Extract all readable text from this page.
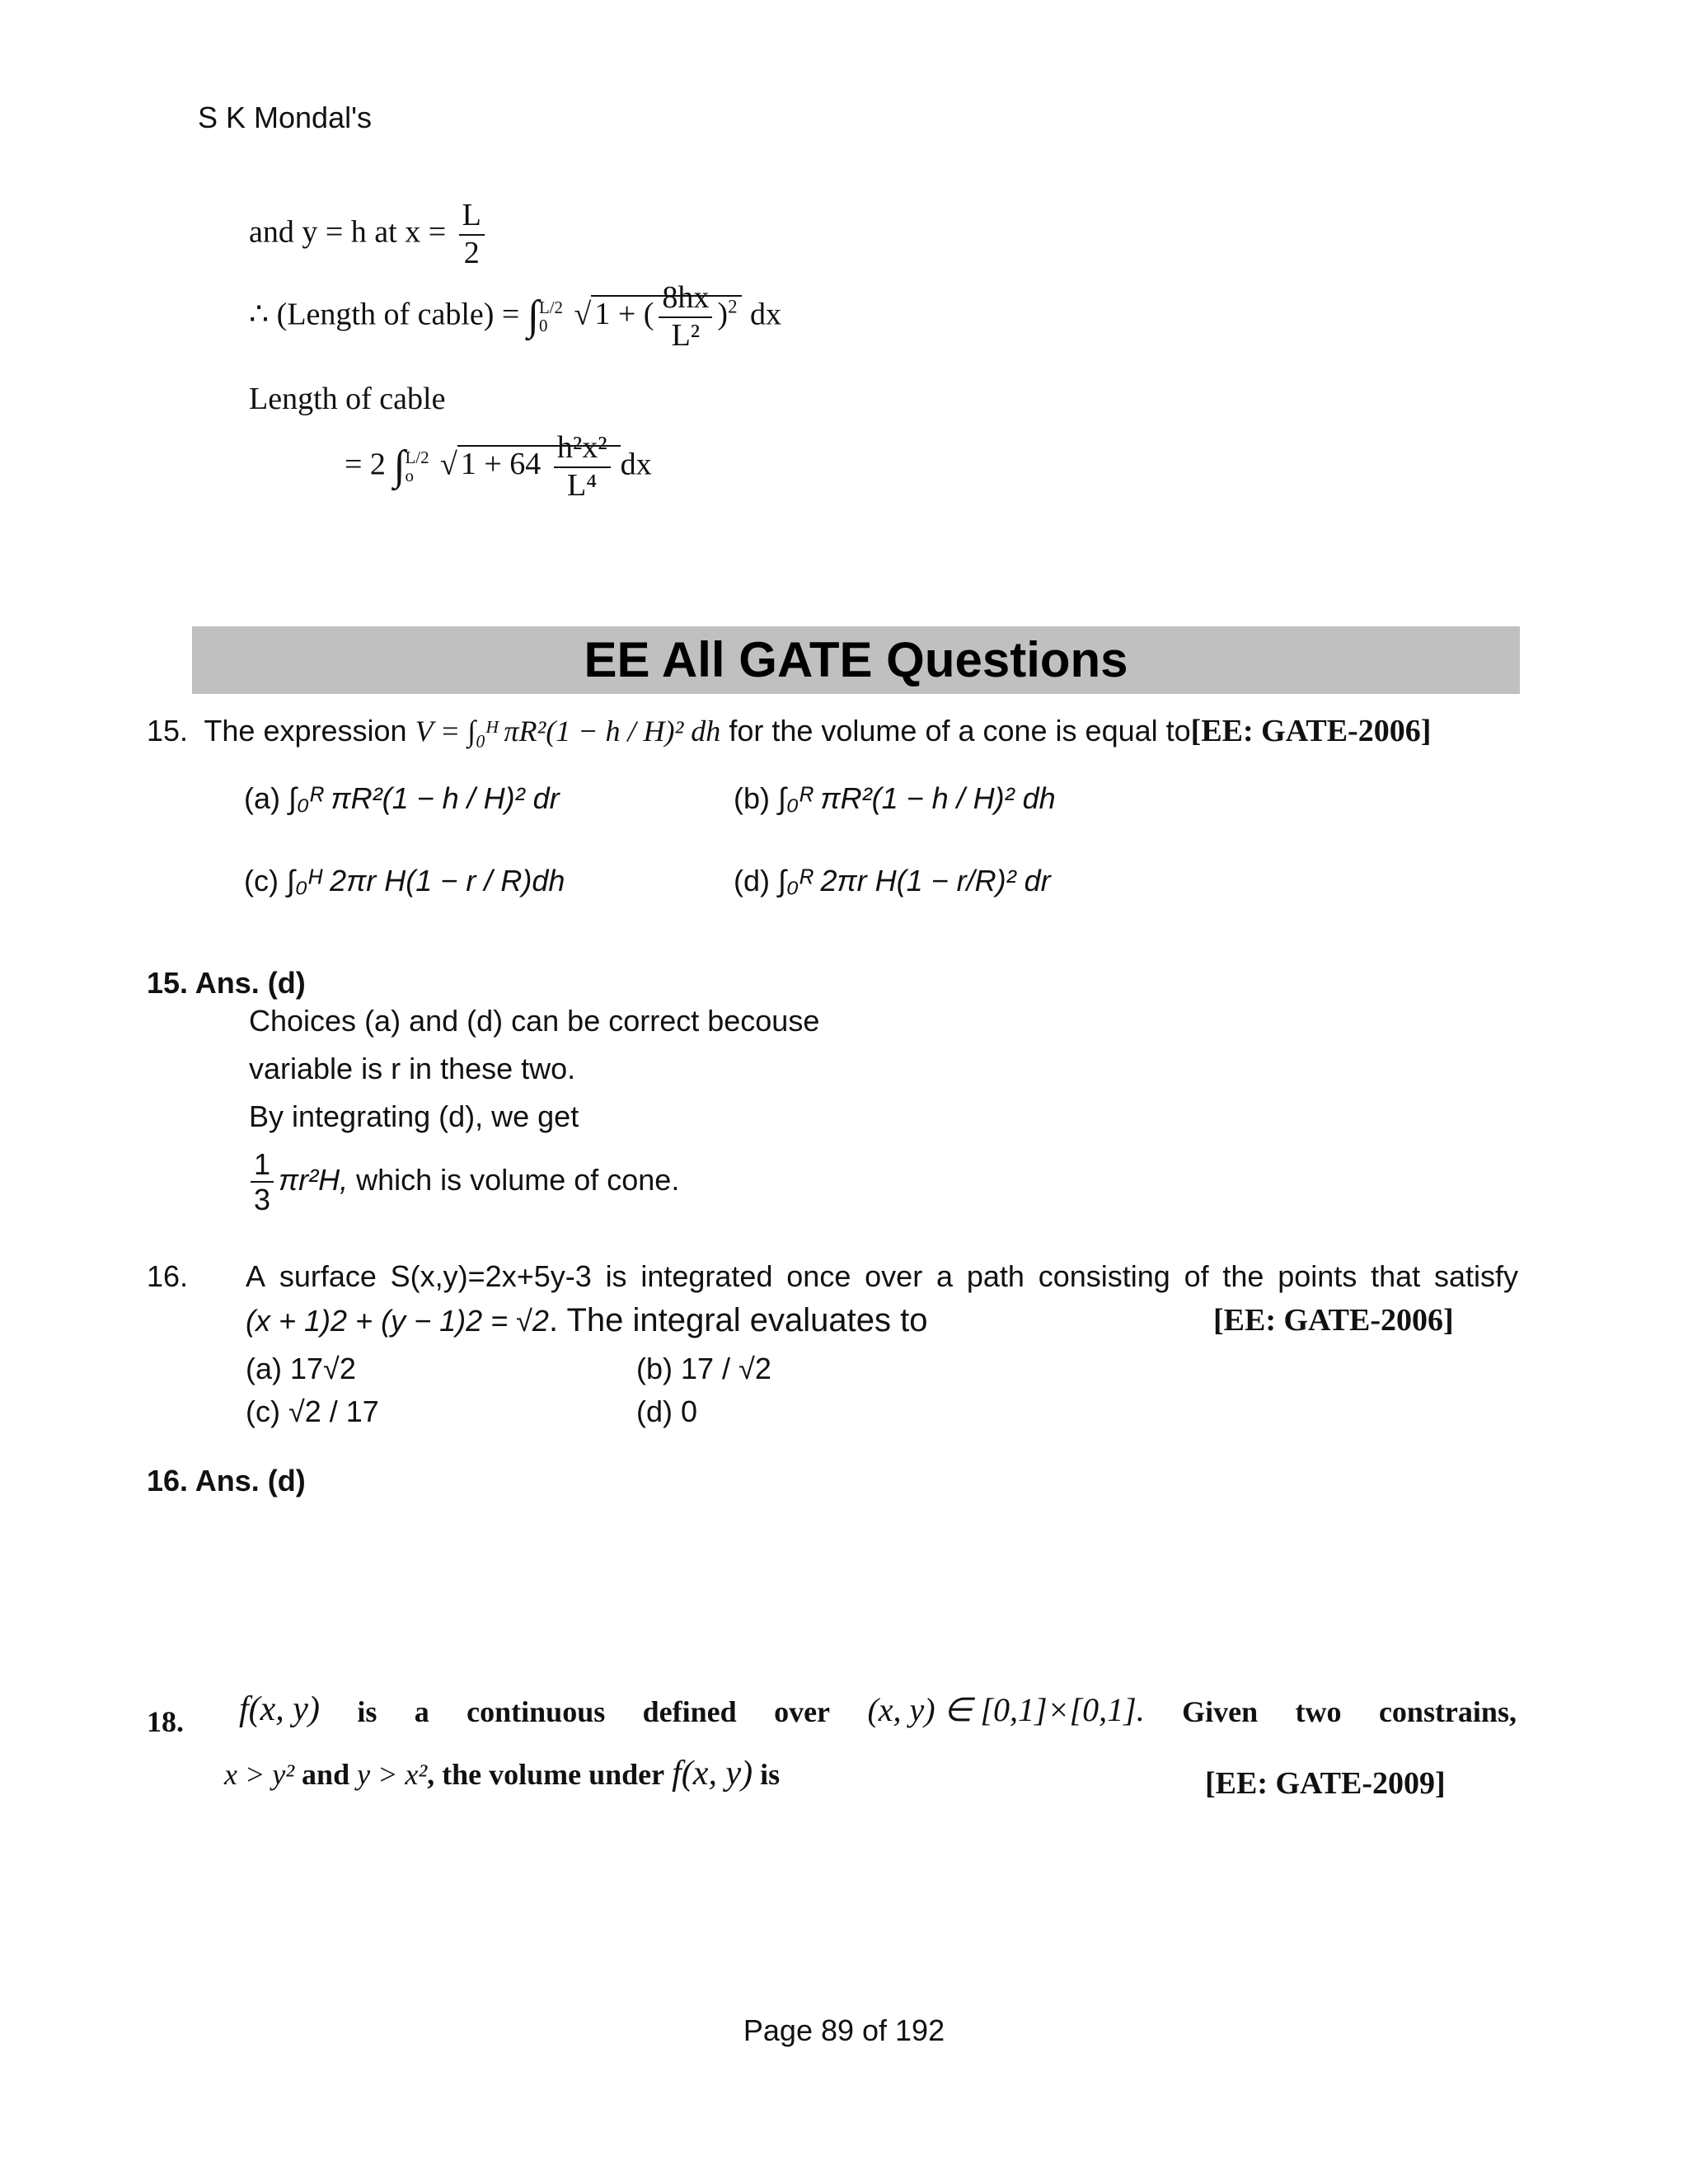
S K Mondal's
and y = h at $x = \frac{L}{2}$
∴ (Length of cable) = ∫L/2
0 √ 1 + ( $\frac{8hx}{\text{L²}} )^2$ dx
Length of cable
= 2 ∫L/2
o √ $1 + 64 \frac{\text{h²x²}}{\text{L⁴}}$ dx
EE All GATE Questions
15. The expression V = ∫₀ᴴ πR²(1 − h / H)² dh for the volume of a cone is equal to[EE: GATE-2006]
(a) ∫₀ᴿ πR²(1 − h / H)² dr	(b) ∫₀ᴿ πR²(1 − h / H)² dh
(c) ∫₀ᴴ 2πr H(1 − r / R)dh	(d) ∫₀ᴿ 2πr H(1 − r/R)² dr
15. Ans. (d)
Choices (a) and (d) can be correct becouse
variable is r in these two.
By integrating (d), we get
$\frac{1}{3} \pi r^2H$, which is volume of cone.
16. A surface S(x,y)=2x+5y-3 is integrated once over a path consisting of the points that satisfy
(x + 1)2 + (y − 1)2 = √2. The integral evaluates to	[EE: GATE-2006]
(a) 17√2	(b) 17 / √2
(c) √2 / 17	(d) 0
16. Ans. (d)
18. f(x, y) is a continuous defined over (x, y) ∈ [0,1]×[0,1]. Given two constrains,
x > y² and y > x², the volume under f(x, y) is	[EE: GATE-2009]
Page 89 of 192
